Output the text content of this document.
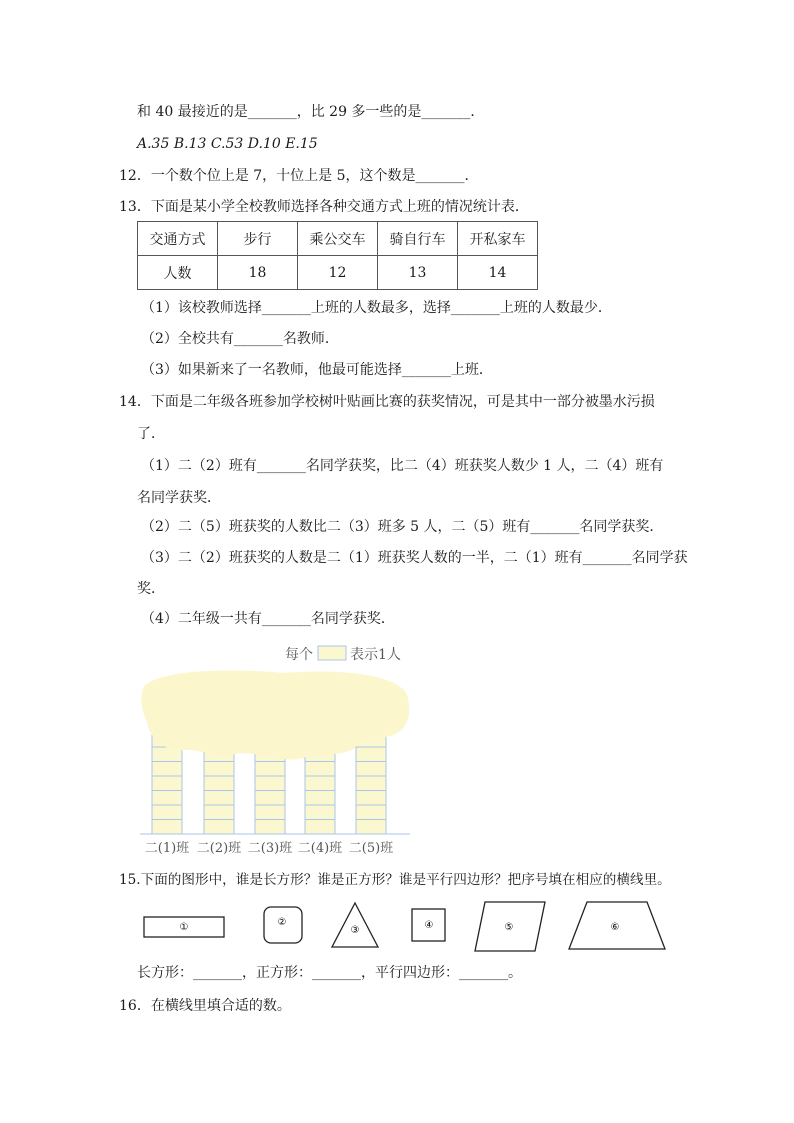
和 40 最接近的是_______，比 29 多一些的是_______．
A.35 B.13 C.53 D.10 E.15
12．一个数个位上是 7，十位上是 5，这个数是_______．
13．下面是某小学全校教师选择各种交通方式上班的情况统计表．
交通方式	步行	乘公交车	骑自行车	开私家车
人数	18	12	13	14
（1）该校教师选择_______上班的人数最多，选择_______上班的人数最少．
（2）全校共有_______名教师．
（3）如果新来了一名教师，他最可能选择_______上班．
14．下面是二年级各班参加学校树叶贴画比赛的获奖情况，可是其中一部分被墨水污损
了．
（1）二（2）班有_______名同学获奖，比二（4）班获奖人数少 1 人，二（4）班有
名同学获奖．
（2）二（5）班获奖的人数比二（3）班多 5 人，二（5）班有_______名同学获奖．
（3）二（2）班获奖的人数是二（1）班获奖人数的一半，二（1）班有_______名同学获
奖．
（4）二年级一共有_______名同学获奖．
每个	表示1人
二(1)班 二(2)班 二(3)班 二(4)班 二(5)班
15.下面的图形中，谁是长方形？谁是正方形？谁是平行四边形？把序号填在相应的横线里。
①	②
③	④	⑤	⑥
长方形：_______，正方形：_______，平行四边形：_______。
16．在横线里填合适的数。
